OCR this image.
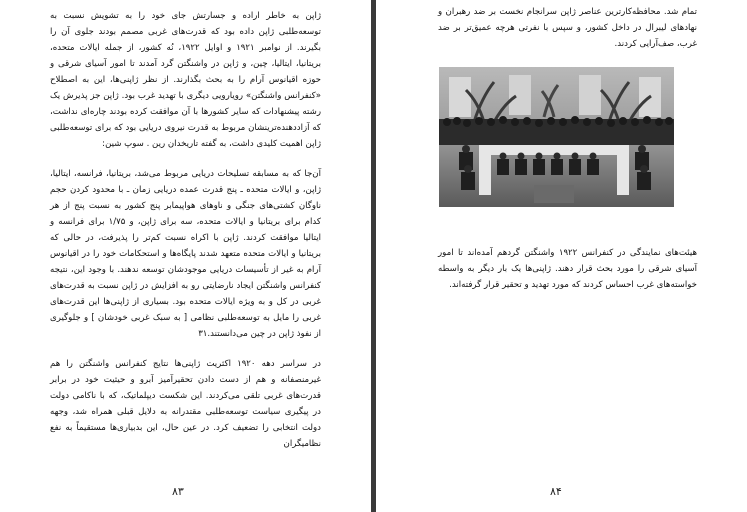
ژاپن به خاطر اراده و جسارتش جای خود را به تشویش نسبت به توسعه‌طلبی ژاپن داده بود که قدرت‌های غربی مصمم بودند جلوی آن را بگیرند. از نوامبر ۱۹۲۱ و اوایل ۱۹۲۲، نُه کشور، از جمله ایالات متحده، بریتانیا، ایتالیا، چین، و ژاپن در واشنگتن گرد آمدند تا امور آسیای شرقی و حوزه اقیانوس آرام را به بحث بگذارند. از نظر ژاپنی‌ها، این به اصطلاح «کنفرانس واشنگتن» رویارویی دیگری با تهدید غرب بود. ژاپن جز پذیرش یک رشته پیشنهادات که سایر کشورها با آن موافقت کرده بودند چاره‌ای نداشت، که آزاددهنده‌ترینشان مربوط به قدرت نیروی دریایی بود که برای توسعه‌طلبی ژاپن اهمیت کلیدی داشت، به گفته تاریخدان رین . سوپ شین:

آن‌جا که به مسابقه تسلیحات دریایی مربوط می‌شد، بریتانیا، فرانسه، ایتالیا، ژاپن، و ایالات متحده ـ پنج قدرت عمده دریایی زمان ـ با محدود کردن حجم ناوگان کشتی‌های جنگی و ناوهای هواپیمابر پنج کشور به نسبت پنج از هر کدام برای بریتانیا و ایالات متحده، سه برای ژاپن، و ۱/۷۵ برای فرانسه و ایتالیا موافقت کردند. ژاپن با اکراه نسبت کم‌تر را پذیرفت، در حالی که بریتانیا و ایالات متحده متعهد شدند پایگاه‌ها و استحکامات خود را در اقیانوس آرام به غیر از تأسیسات دریایی موجودشان توسعه ندهند. با وجود این، نتیجه کنفرانس واشنگتن ایجاد نارضایتی رو به افزایش در ژاپن نسبت به قدرت‌های غربی در کل و به ویژه ایالات متحده بود. بسیاری از ژاپنی‌ها این قدرت‌های غربی را مایل به توسعه‌طلبی نظامی [ به سبک غربی خودشان ] و جلوگیری از نفوذ ژاپن در چین می‌دانستند.۳۱

در سراسر دهه ۱۹۲۰ اکثریت ژاپنی‌ها نتایج کنفرانس واشنگتن را هم غیرمنصفانه و هم از دست دادن تحقیرآمیز آبرو و حیثیت خود در برابر قدرت‌های غربی تلقی می‌کردند. این شکست دیپلماتیک، که با ناکامی دولت در پیگیری سیاست توسعه‌طلبی مقتدرانه به دلایل قبلی همراه شد، وجهه دولت انتخابی را تضعیف کرد. در عین حال، این بدبیاری‌ها مستقیماً به نفع نظامیگران

۸۳
تمام شد. محافظه‌کارترین عناصر ژاپن سرانجام نخست بر ضد رهبران و نهادهای لیبرال در داخل کشور، و سپس با نفرتی هرچه عمیق‌تر بر ضد غرب، صف‌آرایی کردند.
هیئت‌های نمایندگی در کنفرانس ۱۹۲۲ واشنگتن گردهم آمده‌اند تا امور آسیای شرقی را مورد بحث قرار دهند. ژاپنی‌ها یک بار دیگر به واسطه خواسته‌های غرب احساس کردند که مورد تهدید و تحقیر قرار گرفته‌اند.
۸۴
